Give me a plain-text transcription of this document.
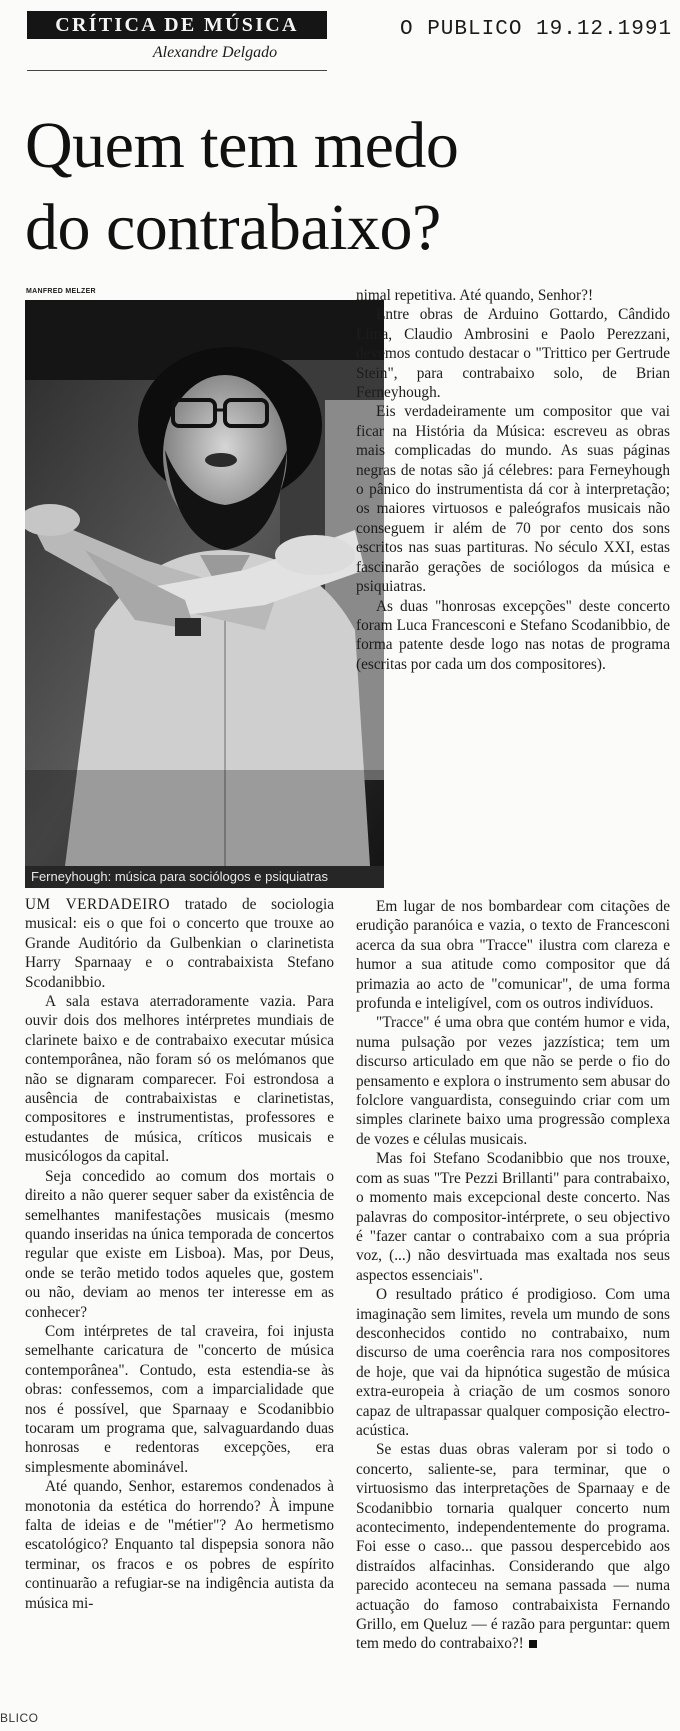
CRÍTICA DE MÚSICA
Alexandre Delgado
O PUBLICO 19.12.1991
Quem tem medo
do contrabaixo?
MANFRED MELZER
Ferneyhough: música para sociólogos e psiquiatras

UM VERDADEIRO tratado de sociologia musical: eis o que foi o concerto que trouxe ao Grande Auditório da Gulbenkian o clarinetista Harry Sparnaay e o contrabaixista Stefano Scodanibbio.

A sala estava aterradoramente vazia. Para ouvir dois dos melhores intérpretes mundiais de clarinete baixo e de contrabaixo executar música contemporânea, não foram só os melómanos que não se dignaram comparecer. Foi estrondosa a ausência de contrabaixistas e clarinetistas, compositores e instrumentistas, professores e estudantes de música, críticos musicais e musicólogos da capital.

Seja concedido ao comum dos mortais o direito a não querer sequer saber da existência de semelhantes manifestações musicais (mesmo quando inseridas na única temporada de concertos regular que existe em Lisboa). Mas, por Deus, onde se terão metido todos aqueles que, gostem ou não, deviam ao menos ter interesse em as conhecer?

Com intérpretes de tal craveira, foi injusta semelhante caricatura de "concerto de música contemporânea". Contudo, esta estendia-se às obras: confessemos, com a imparcialidade que nos é possível, que Sparnaay e Scodanibbio tocaram um programa que, salvaguardando duas honrosas e redentoras excepções, era simplesmente abominável.

Até quando, Senhor, estaremos condenados à monotonia da estética do horrendo? À impune falta de ideias e de "métier"? Ao hermetismo escatológico? Enquanto tal dispepsia sonora não terminar, os fracos e os pobres de espírito continuarão a refugiar-se na indigência autista da música mi-

nimal repetitiva. Até quando, Senhor?!

Entre obras de Arduino Gottardo, Cândido Lima, Claudio Ambrosini e Paolo Perezzani, devemos contudo destacar o "Trittico per Gertrude Stein", para contrabaixo solo, de Brian Ferneyhough.

Eis verdadeiramente um compositor que vai ficar na História da Música: escreveu as obras mais complicadas do mundo. As suas páginas negras de notas são já célebres: para Ferneyhough o pânico do instrumentista dá cor à interpretação; os maiores virtuosos e paleógrafos musicais não conseguem ir além de 70 por cento dos sons escritos nas suas partituras. No século XXI, estas fascinarão gerações de sociólogos da música e psiquiatras.

As duas "honrosas excepções" deste concerto foram Luca Francesconi e Stefano Scodanibbio, de forma patente desde logo nas notas de programa (escritas por cada um dos compositores).

Em lugar de nos bombardear com citações de erudição paranóica e vazia, o texto de Francesconi acerca da sua obra "Tracce" ilustra com clareza e humor a sua atitude como compositor que dá primazia ao acto de "comunicar", de uma forma profunda e inteligível, com os outros indivíduos.

"Tracce" é uma obra que contém humor e vida, numa pulsação por vezes jazzística; tem um discurso articulado em que não se perde o fio do pensamento e explora o instrumento sem abusar do folclore vanguardista, conseguindo criar com um simples clarinete baixo uma progressão complexa de vozes e células musicais.

Mas foi Stefano Scodanibbio que nos trouxe, com as suas "Tre Pezzi Brillanti" para contrabaixo, o momento mais excepcional deste concerto. Nas palavras do compositor-intérprete, o seu objectivo é "fazer cantar o contrabaixo com a sua própria voz, (...) não desvirtuada mas exaltada nos seus aspectos essenciais".

O resultado prático é prodigioso. Com uma imaginação sem limites, revela um mundo de sons desconhecidos contido no contrabaixo, num discurso de uma coerência rara nos compositores de hoje, que vai da hipnótica sugestão de música extra-europeia à criação de um cosmos sonoro capaz de ultrapassar qualquer composição electro-acústica.

Se estas duas obras valeram por si todo o concerto, saliente-se, para terminar, que o virtuosismo das interpretações de Sparnaay e de Scodanibbio tornaria qualquer concerto num acontecimento, independentemente do programa. Foi esse o caso... que passou despercebido aos distraídos alfacinhas. Considerando que algo parecido aconteceu na semana passada — numa actuação do famoso contrabaixista Fernando Grillo, em Queluz — é razão para perguntar: quem tem medo do contrabaixo?!

BLICO
